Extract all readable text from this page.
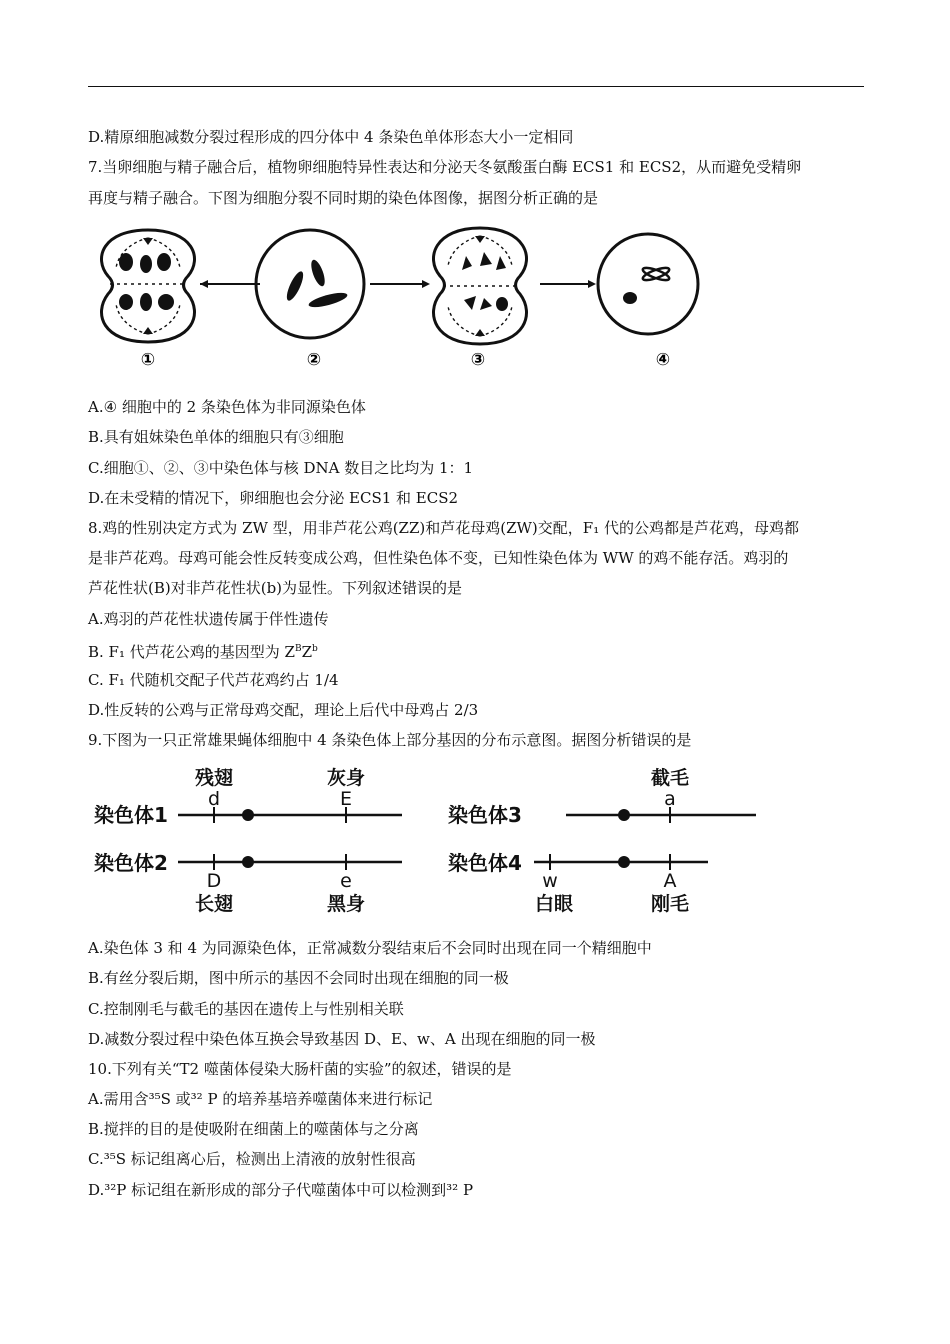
D.精原细胞减数分裂过程形成的四分体中 4 条染色单体形态大小一定相同
7.当卵细胞与精子融合后，植物卵细胞特异性表达和分泌天冬氨酸蛋白酶 ECS1 和 ECS2，从而避免受精卵
再度与精子融合。下图为细胞分裂不同时期的染色体图像，据图分析正确的是
①	②	③	④
A.④ 细胞中的 2 条染色体为非同源染色体
B.具有姐妹染色单体的细胞只有③细胞
C.细胞①、②、③中染色体与核 DNA 数目之比均为 1：1
D.在未受精的情况下，卵细胞也会分泌 ECS1 和 ECS2
8.鸡的性别决定方式为 ZW 型，用非芦花公鸡(ZZ)和芦花母鸡(ZW)交配，F₁ 代的公鸡都是芦花鸡，母鸡都
是非芦花鸡。母鸡可能会性反转变成公鸡，但性染色体不变，已知性染色体为 WW 的鸡不能存活。鸡羽的
芦花性状(B)对非芦花性状(b)为显性。下列叙述错误的是
A.鸡羽的芦花性状遗传属于伴性遗传
B. F₁ 代芦花公鸡的基因型为 $Z^BZ^b$
C. F₁ 代随机交配子代芦花鸡约占 1/4
D.性反转的公鸡与正常母鸡交配，理论上后代中母鸡占 2/3
9.下图为一只正常雄果蝇体细胞中 4 条染色体上部分基因的分布示意图。据图分析错误的是
染色体1
残翅
d
灰身
E
染色体2
D
长翅
e
黑身
染色体3
截毛
a
染色体4
w
白眼
A
刚毛
A.染色体 3 和 4 为同源染色体，正常减数分裂结束后不会同时出现在同一个精细胞中
B.有丝分裂后期，图中所示的基因不会同时出现在细胞的同一极
C.控制刚毛与截毛的基因在遗传上与性别相关联
D.减数分裂过程中染色体互换会导致基因 D、E、w、A 出现在细胞的同一极
10.下列有关“T2 噬菌体侵染大肠杆菌的实验”的叙述，错误的是
A.需用含³⁵S 或³² P 的培养基培养噬菌体来进行标记
B.搅拌的目的是使吸附在细菌上的噬菌体与之分离
C.³⁵S 标记组离心后，检测出上清液的放射性很高
D.³²P 标记组在新形成的部分子代噬菌体中可以检测到³² P
